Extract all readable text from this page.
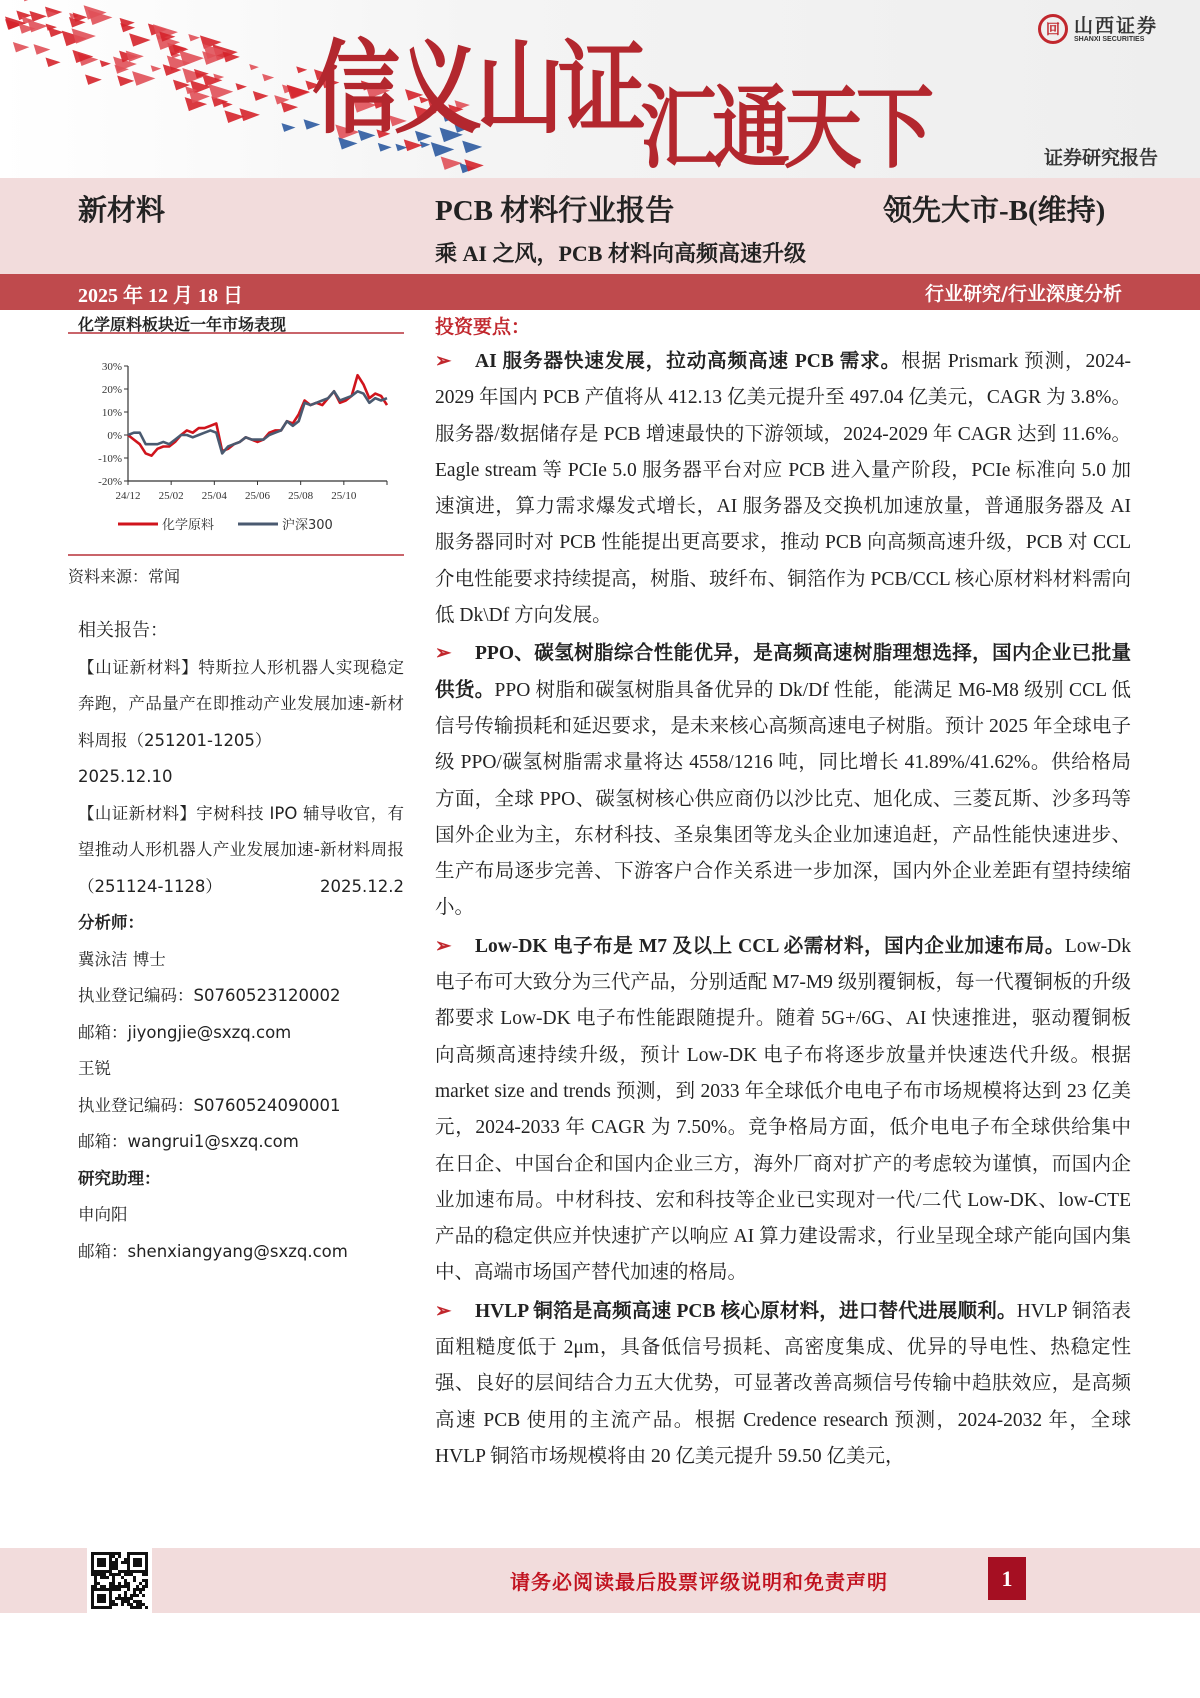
信义山证 汇通天下
回 山西证券
SHANXI SECURITIES
证券研究报告
新材料	PCB 材料行业报告	领先大市-B(维持)
乘 AI 之风，PCB 材料向高频高速升级
2025 年 12 月 18 日	行业研究/行业深度分析
化学原料板块近一年市场表现
30%
20%
10%
0%
-10%
-20%
24/12 25/02 25/04 25/06 25/08 25/10
化学原料	沪深300
资料来源：常闻
相关报告：
【山证新材料】特斯拉人形机器人实现稳定奔跑，产品量产在即推动产业发展加速-新材料周报（251201-1205）
2025.12.10
【山证新材料】宇树科技 IPO 辅导收官，有望推动人形机器人产业发展加速-新材料周报（251124-1128）	2025.12.2
分析师：
冀泳洁 博士
执业登记编码：S0760523120002
邮箱：jiyongjie@sxzq.com
王锐
执业登记编码：S0760524090001
邮箱：wangrui1@sxzq.com
研究助理：
申向阳
邮箱：shenxiangyang@sxzq.com
投资要点：

➢ AI 服务器快速发展，拉动高频高速 PCB 需求。根据 Prismark 预测，2024-2029 年国内 PCB 产值将从 412.13 亿美元提升至 497.04 亿美元，CAGR 为 3.8%。服务器/数据储存是 PCB 增速最快的下游领域，2024-2029 年 CAGR 达到 11.6%。Eagle stream 等 PCIe 5.0 服务器平台对应 PCB 进入量产阶段，PCIe 标准向 5.0 加速演进，算力需求爆发式增长，AI 服务器及交换机加速放量，普通服务器及 AI 服务器同时对 PCB 性能提出更高要求，推动 PCB 向高频高速升级，PCB 对 CCL 介电性能要求持续提高，树脂、玻纤布、铜箔作为 PCB/CCL 核心原材料材料需向低 Dk\Df 方向发展。

➢ PPO、碳氢树脂综合性能优异，是高频高速树脂理想选择，国内企业已批量供货。PPO 树脂和碳氢树脂具备优异的 Dk/Df 性能，能满足 M6-M8 级别 CCL 低信号传输损耗和延迟要求，是未来核心高频高速电子树脂。预计 2025 年全球电子级 PPO/碳氢树脂需求量将达 4558/1216 吨，同比增长 41.89%/41.62%。供给格局方面，全球 PPO、碳氢树核心供应商仍以沙比克、旭化成、三菱瓦斯、沙多玛等国外企业为主，东材科技、圣泉集团等龙头企业加速追赶，产品性能快速进步、生产布局逐步完善、下游客户合作关系进一步加深，国内外企业差距有望持续缩小。

➢ Low-DK 电子布是 M7 及以上 CCL 必需材料，国内企业加速布局。Low-Dk 电子布可大致分为三代产品，分别适配 M7-M9 级别覆铜板，每一代覆铜板的升级都要求 Low-DK 电子布性能跟随提升。随着 5G+/6G、AI 快速推进，驱动覆铜板向高频高速持续升级，预计 Low-DK 电子布将逐步放量并快速迭代升级。根据 market size and trends 预测，到 2033 年全球低介电电子布市场规模将达到 23 亿美元，2024-2033 年 CAGR 为 7.50%。竞争格局方面，低介电电子布全球供给集中在日企、中国台企和国内企业三方，海外厂商对扩产的考虑较为谨慎，而国内企业加速布局。中材科技、宏和科技等企业已实现对一代/二代 Low-DK、low-CTE 产品的稳定供应并快速扩产以响应 AI 算力建设需求，行业呈现全球产能向国内集中、高端市场国产替代加速的格局。

➢ HVLP 铜箔是高频高速 PCB 核心原材料，进口替代进展顺利。HVLP 铜箔表面粗糙度低于 2μm，具备低信号损耗、高密度集成、优异的导电性、热稳定性强、良好的层间结合力五大优势，可显著改善高频信号传输中趋肤效应，是高频高速 PCB 使用的主流产品。根据 Credence research 预测，2024-2032 年，全球 HVLP 铜箔市场规模将由 20 亿美元提升 59.50 亿美元，

请务必阅读最后股票评级说明和免责声明	1
